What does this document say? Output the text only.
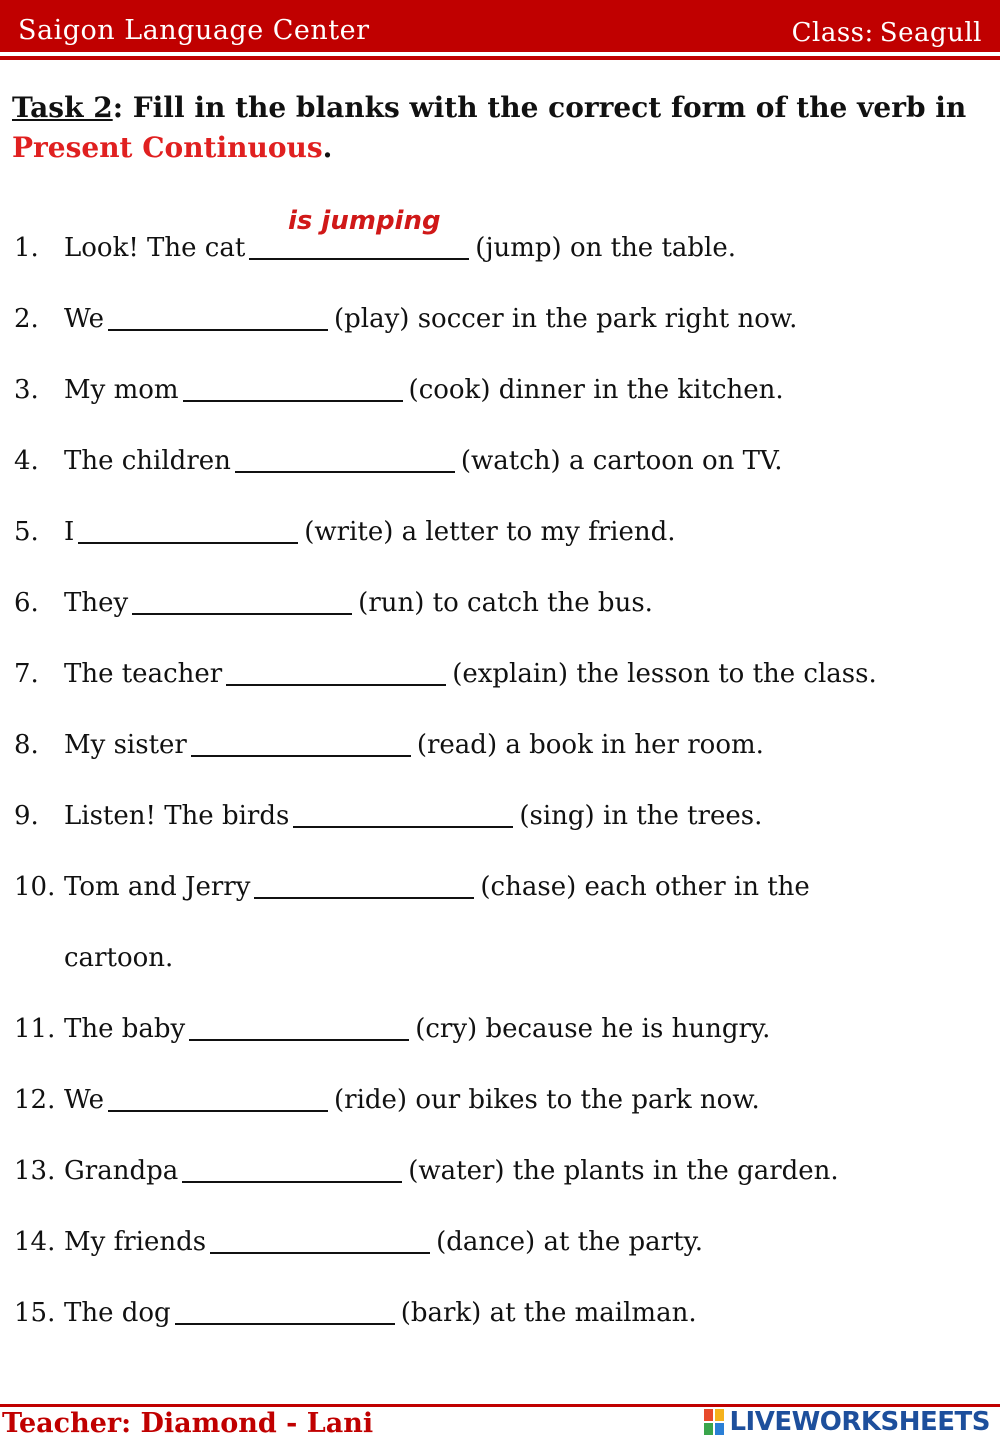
Saigon Language Center	Class: Seagull
Task 2: Fill in the blanks with the correct form of the verb in Present Continuous.
1. Look! The cat
is jumping
(jump) on the table.
2. We	(play) soccer in the park right now.
3. My mom	(cook) dinner in the kitchen.
4. The children	(watch) a cartoon on TV.
5. I	(write) a letter to my friend.
6. They	(run) to catch the bus.
7. The teacher	(explain) the lesson to the class.
8. My sister	(read) a book in her room.
9. Listen! The birds	(sing) in the trees.
10. Tom and Jerry	(chase) each other in the
cartoon.
11. The baby	(cry) because he is hungry.
12. We	(ride) our bikes to the park now.
13. Grandpa	(water) the plants in the garden.
14. My friends	(dance) at the party.
15. The dog	(bark) at the mailman.
Teacher: Diamond - Lani	LIVEWORKSHEETS
